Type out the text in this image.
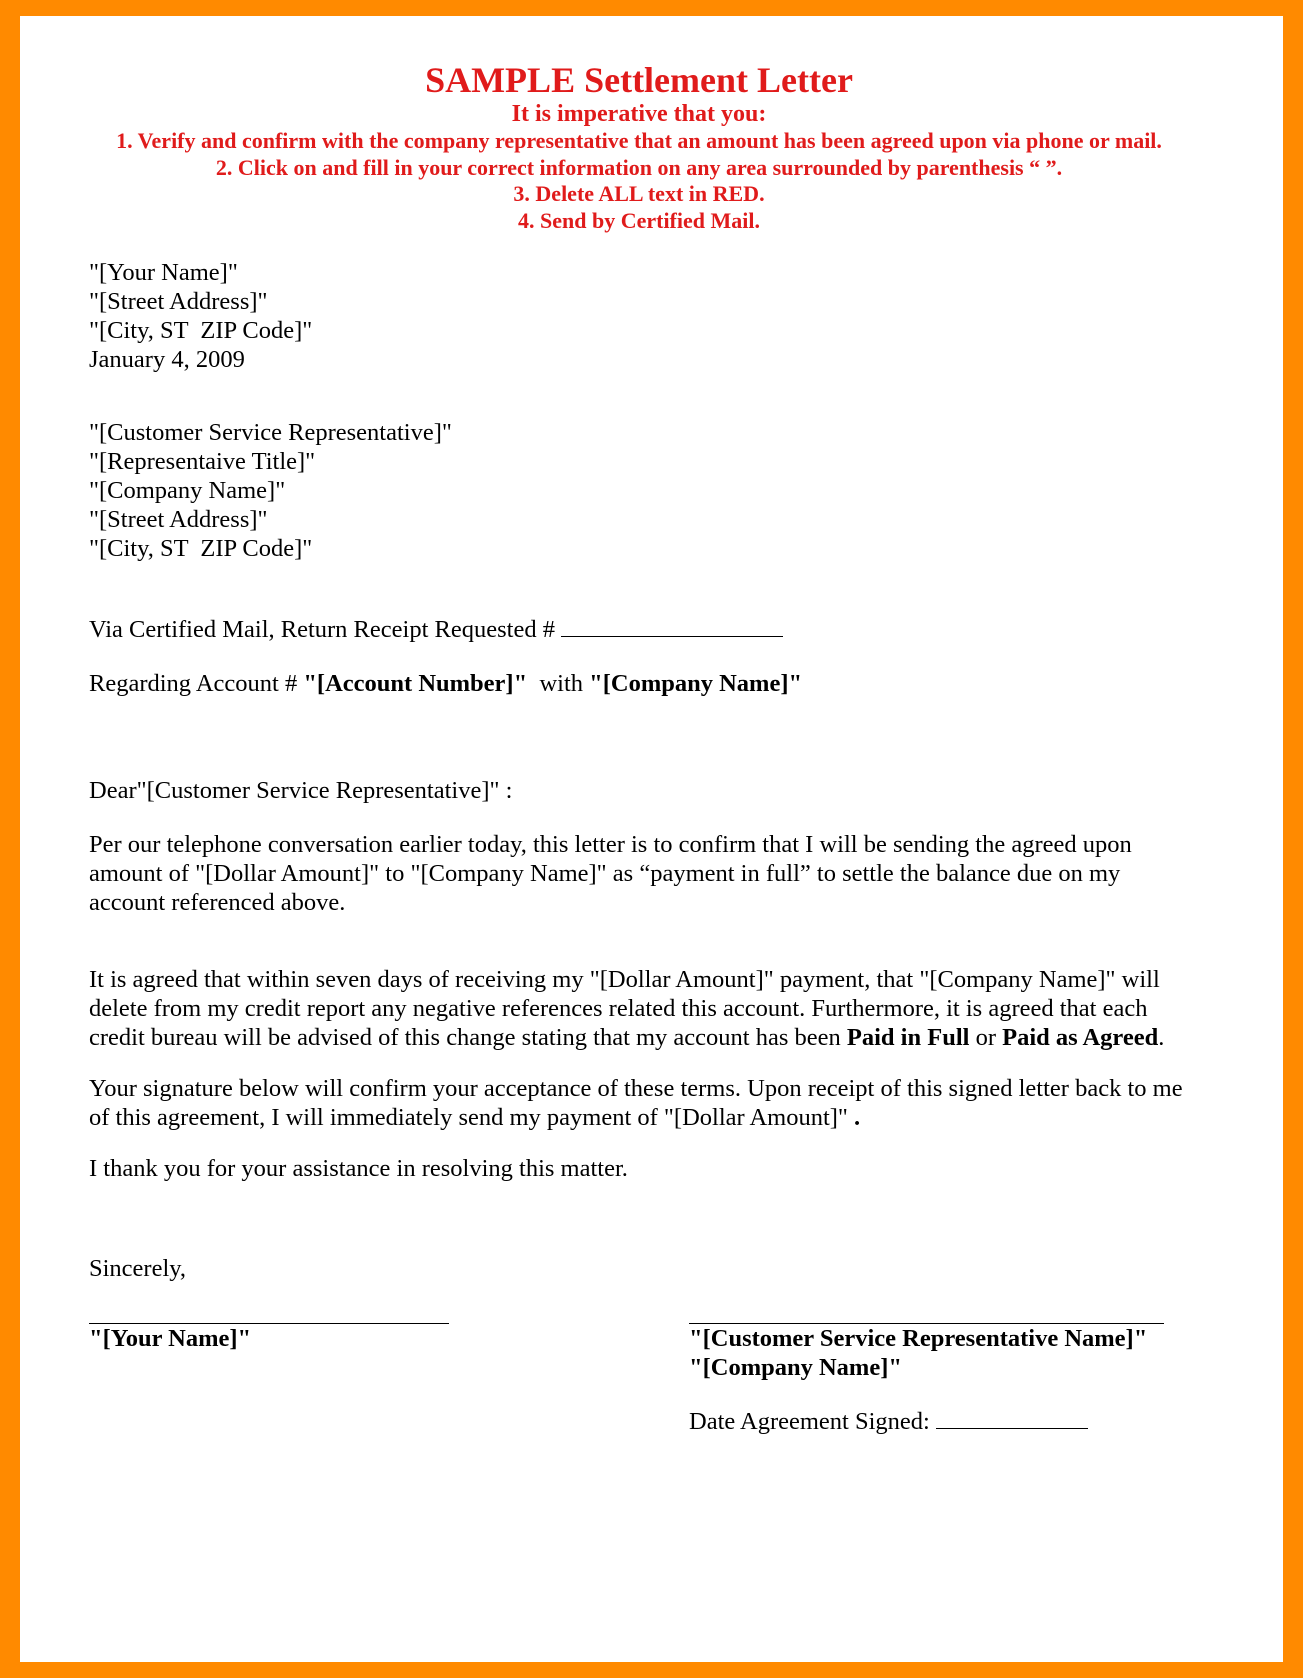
SAMPLE Settlement Letter
It is imperative that you:
1. Verify and confirm with the company representative that an amount has been agreed upon via phone or mail.
2. Click on and fill in your correct information on any area surrounded by parenthesis “ ”.
3. Delete ALL text in RED.
4. Send by Certified Mail.
"[Your Name]"
"[Street Address]"
"[City, ST  ZIP Code]"
January 4, 2009
"[Customer Service Representative]"
"[Representaive Title]"
"[Company Name]"
"[Street Address]"
"[City, ST  ZIP Code]"
Via Certified Mail, Return Receipt Requested #
Regarding Account # "[Account Number]"  with "[Company Name]"
Dear"[Customer Service Representative]" :
Per our telephone conversation earlier today, this letter is to confirm that I will be sending the agreed upon
amount of "[Dollar Amount]" to "[Company Name]" as “payment in full” to settle the balance due on my
account referenced above.
It is agreed that within seven days of receiving my "[Dollar Amount]" payment, that "[Company Name]" will
delete from my credit report any negative references related this account. Furthermore, it is agreed that each
credit bureau will be advised of this change stating that my account has been Paid in Full or Paid as Agreed.
Your signature below will confirm your acceptance of these terms. Upon receipt of this signed letter back to me
of this agreement, I will immediately send my payment of "[Dollar Amount]" .
I thank you for your assistance in resolving this matter.
Sincerely,
"[Your Name]"	"[Customer Service Representative Name]"
"[Company Name]"
Date Agreement Signed:
